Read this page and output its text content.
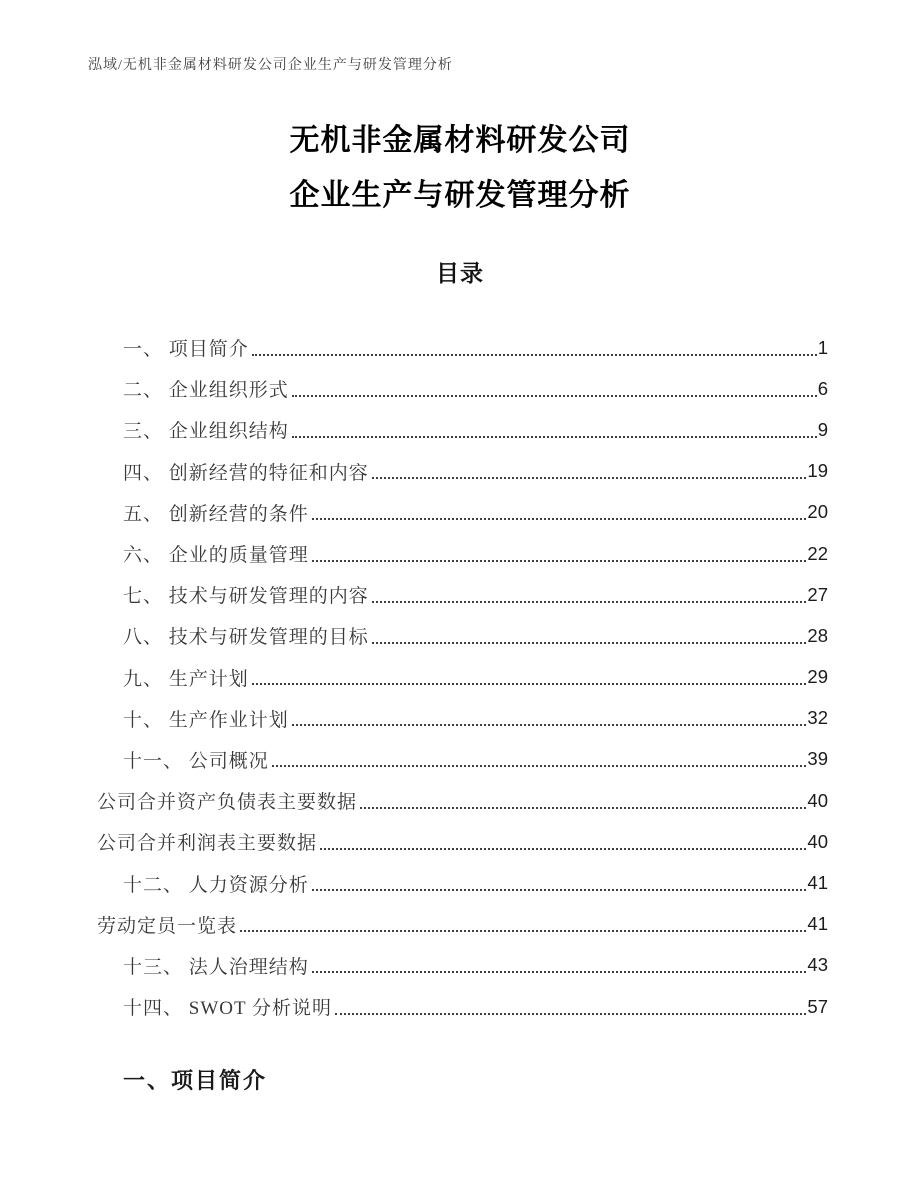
泓域/无机非金属材料研发公司企业生产与研发管理分析
无机非金属材料研发公司
企业生产与研发管理分析
目录
一、 项目简介	1
二、 企业组织形式	6
三、 企业组织结构	9
四、 创新经营的特征和内容	19
五、 创新经营的条件	20
六、 企业的质量管理	22
七、 技术与研发管理的内容	27
八、 技术与研发管理的目标	28
九、 生产计划	29
十、 生产作业计划	32
十一、 公司概况	39
公司合并资产负债表主要数据	40
公司合并利润表主要数据	40
十二、 人力资源分析	41
劳动定员一览表	41
十三、 法人治理结构	43
十四、 SWOT 分析说明	57
一、项目简介
